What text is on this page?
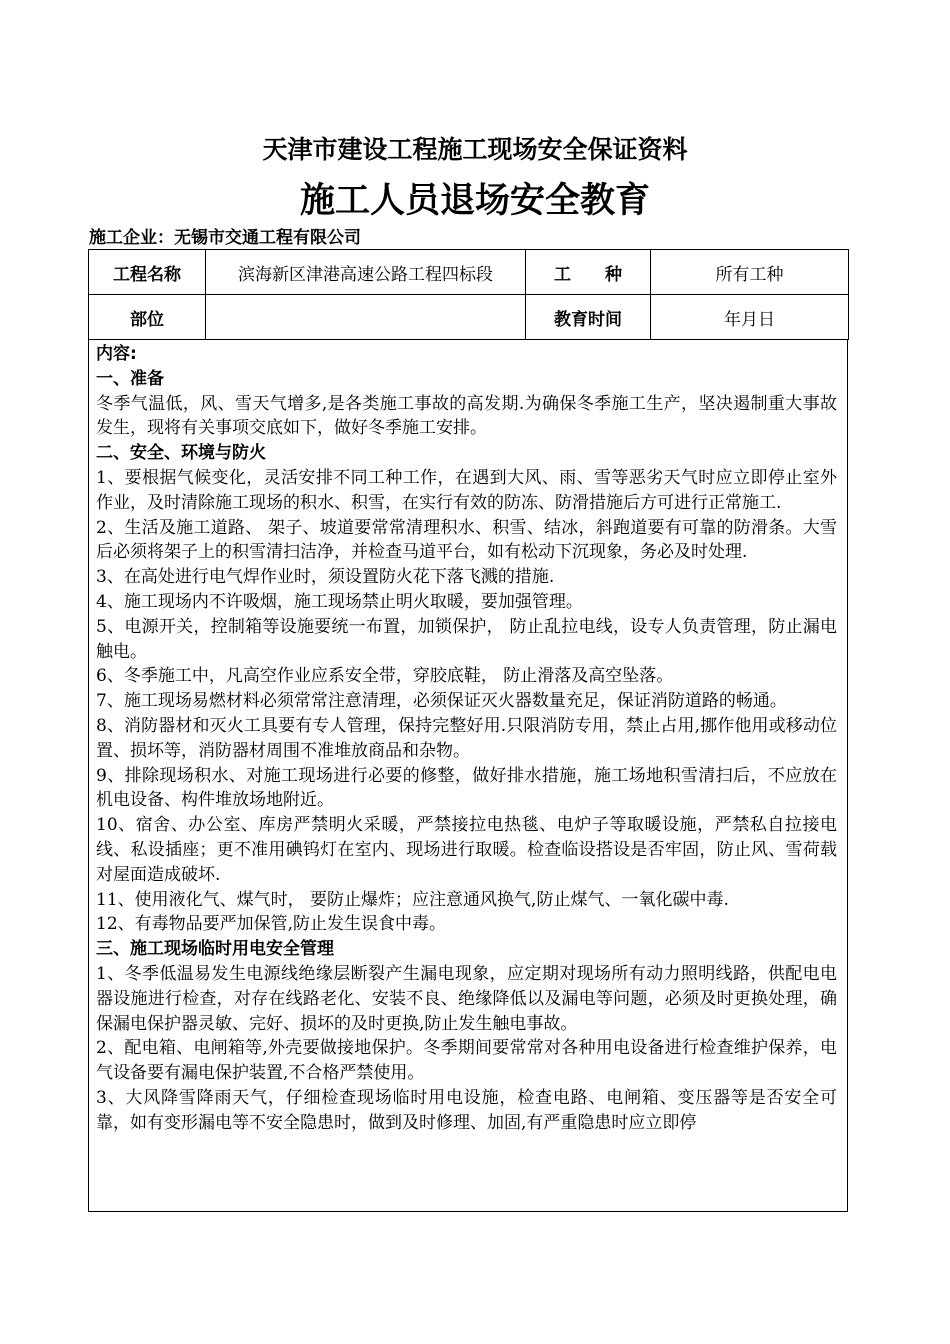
天津市建设工程施工现场安全保证资料
施工人员退场安全教育
施工企业：无锡市交通工程有限公司
工程名称	滨海新区津港高速公路工程四标段	工　　种	所有工种
部位		教育时间	年月日

内容:

一、准备

冬季气温低，风、雪天气增多,是各类施工事故的高发期.为确保冬季施工生产，坚决遏制重大事故发生，现将有关事项交底如下，做好冬季施工安排。

二、安全、环境与防火

1、要根据气候变化，灵活安排不同工种工作，在遇到大风、雨、雪等恶劣天气时应立即停止室外作业，及时清除施工现场的积水、积雪，在实行有效的防冻、防滑措施后方可进行正常施工.

2、生活及施工道路、 架子、坡道要常常清理积水、积雪、结冰，斜跑道要有可靠的防滑条。大雪后必须将架子上的积雪清扫洁净，并检查马道平台，如有松动下沉现象，务必及时处理.

3、在高处进行电气焊作业时，须设置防火花下落飞溅的措施.

4、施工现场内不许吸烟，施工现场禁止明火取暖，要加强管理。

5、电源开关，控制箱等设施要统一布置，加锁保护， 防止乱拉电线，设专人负责管理，防止漏电触电。

6、冬季施工中，凡高空作业应系安全带，穿胶底鞋， 防止滑落及高空坠落。

7、施工现场易燃材料必须常常注意清理，必须保证灭火器数量充足，保证消防道路的畅通。

8、消防器材和灭火工具要有专人管理，保持完整好用.只限消防专用，禁止占用,挪作他用或移动位置、损坏等，消防器材周围不准堆放商品和杂物。

9、排除现场积水、对施工现场进行必要的修整，做好排水措施，施工场地积雪清扫后，不应放在机电设备、构件堆放场地附近。

10、宿舍、办公室、库房严禁明火采暖，严禁接拉电热毯、电炉子等取暖设施，严禁私自拉接电线、私设插座；更不准用碘钨灯在室内、现场进行取暖。检查临设搭设是否牢固，防止风、雪荷载对屋面造成破坏.

11、使用液化气、煤气时， 要防止爆炸；应注意通风换气,防止煤气、一氧化碳中毒.

12、有毒物品要严加保管,防止发生误食中毒。

三、施工现场临时用电安全管理

1、冬季低温易发生电源线绝缘层断裂产生漏电现象，应定期对现场所有动力照明线路，供配电电器设施进行检查，对存在线路老化、安装不良、绝缘降低以及漏电等问题，必须及时更换处理，确保漏电保护器灵敏、完好、损坏的及时更换,防止发生触电事故。

2、配电箱、电闸箱等,外壳要做接地保护。冬季期间要常常对各种用电设备进行检查维护保养，电气设备要有漏电保护装置,不合格严禁使用。

3、大风降雪降雨天气，仔细检查现场临时用电设施，检查电路、电闸箱、变压器等是否安全可靠，如有变形漏电等不安全隐患时，做到及时修理、加固,有严重隐患时应立即停
